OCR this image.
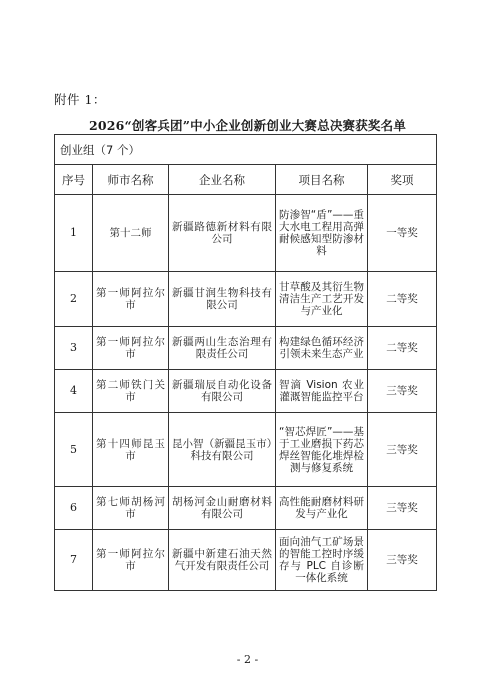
附件 1：
2026“创客兵团”中小企业创新创业大赛总决赛获奖名单
创业组（7 个）				
序号	师市名称	企业名称	项目名称	奖项
1	第十二师	新疆路德新材料有限公司	防渗智“盾”——重大水电工程用高弹耐候感知型防渗材料	一等奖
2	第一师阿拉尔市	新疆甘润生物科技有限公司	甘草酸及其衍生物清洁生产工艺开发与产业化	二等奖
3	第一师阿拉尔市	新疆两山生态治理有限责任公司	构建绿色循环经济引领未来生态产业	二等奖
4	第二师铁门关市	新疆瑞辰自动化设备有限公司	智滴 Vision 农业灌溉智能监控平台	三等奖
5	第十四师昆玉市	昆小智（新疆昆玉市）科技有限公司	“智芯焊匠”——基于工业磨损下药芯焊丝智能化堆焊检测与修复系统	三等奖
6	第七师胡杨河市	胡杨河金山耐磨材料有限公司	高性能耐磨材料研发与产业化	三等奖
7	第一师阿拉尔市	新疆中新建石油天然气开发有限责任公司	面向油气工矿场景的智能工控时序缓存与 PLC 自诊断一体化系统	三等奖
- 2 -
